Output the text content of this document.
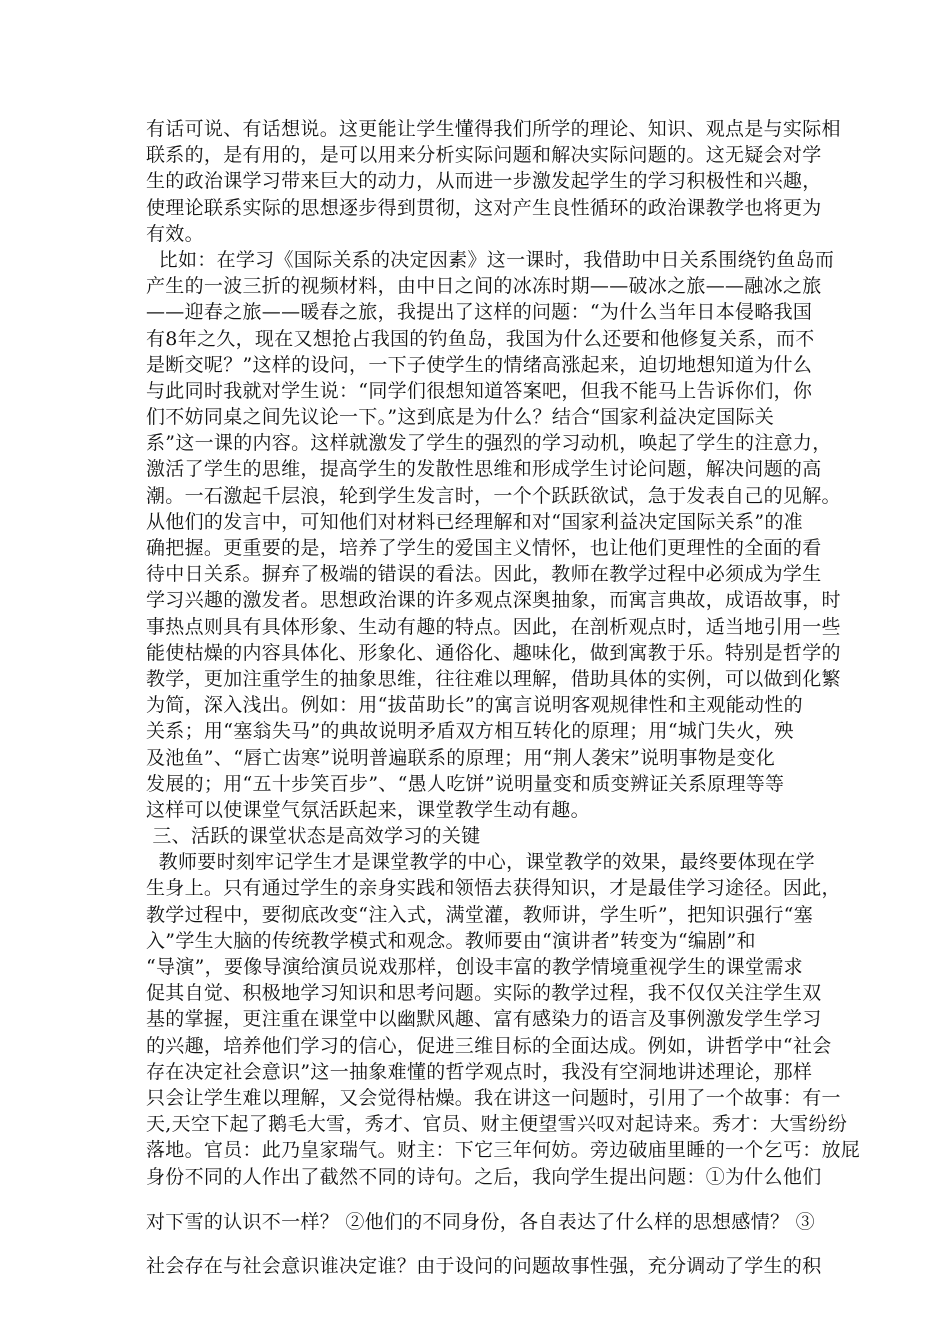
有话可说、有话想说。这更能让学生懂得我们所学的理论、知识、观点是与实际相
联系的，是有用的，是可以用来分析实际问题和解决实际问题的。这无疑会对学
生的政治课学习带来巨大的动力，从而进一步激发起学生的学习积极性和兴趣，
使理论联系实际的思想逐步得到贯彻，这对产生良性循环的政治课教学也将更为
有效。
比如：在学习《国际关系的决定因素》这一课时，我借助中日关系围绕钓鱼岛而
产生的一波三折的视频材料，由中日之间的冰冻时期——破冰之旅——融冰之旅
——迎春之旅——暖春之旅，我提出了这样的问题：“为什么当年日本侵略我国
有8年之久，现在又想抢占我国的钓鱼岛，我国为什么还要和他修复关系，而不
是断交呢？”这样的设问，一下子使学生的情绪高涨起来，迫切地想知道为什么
与此同时我就对学生说：“同学们很想知道答案吧，但我不能马上告诉你们，你
们不妨同桌之间先议论一下。”这到底是为什么？结合“国家利益决定国际关
系”这一课的内容。这样就激发了学生的强烈的学习动机，唤起了学生的注意力，
激活了学生的思维，提高学生的发散性思维和形成学生讨论问题，解决问题的高
潮。一石激起千层浪，轮到学生发言时，一个个跃跃欲试，急于发表自己的见解。
从他们的发言中，可知他们对材料已经理解和对“国家利益决定国际关系”的准
确把握。更重要的是，培养了学生的爱国主义情怀，也让他们更理性的全面的看
待中日关系。摒弃了极端的错误的看法。因此，教师在教学过程中必须成为学生
学习兴趣的激发者。思想政治课的许多观点深奥抽象，而寓言典故，成语故事，时
事热点则具有具体形象、生动有趣的特点。因此，在剖析观点时，适当地引用一些
能使枯燥的内容具体化、形象化、通俗化、趣味化，做到寓教于乐。特别是哲学的
教学，更加注重学生的抽象思维，往往难以理解，借助具体的实例，可以做到化繁
为简，深入浅出。例如：用“拔苗助长”的寓言说明客观规律性和主观能动性的
关系；用“塞翁失马”的典故说明矛盾双方相互转化的原理；用“城门失火，殃
及池鱼”、“唇亡齿寒”说明普遍联系的原理；用“荆人袭宋”说明事物是变化
发展的；用“五十步笑百步”、“愚人吃饼”说明量变和质变辨证关系原理等等
这样可以使课堂气氛活跃起来，课堂教学生动有趣。
三、活跃的课堂状态是高效学习的关键
教师要时刻牢记学生才是课堂教学的中心，课堂教学的效果，最终要体现在学
生身上。只有通过学生的亲身实践和领悟去获得知识，才是最佳学习途径。因此，
教学过程中，要彻底改变“注入式，满堂灌，教师讲，学生听”，把知识强行“塞
入”学生大脑的传统教学模式和观念。教师要由“演讲者”转变为“编剧”和
“导演”，要像导演给演员说戏那样，创设丰富的教学情境重视学生的课堂需求
促其自觉、积极地学习知识和思考问题。实际的教学过程，我不仅仅关注学生双
基的掌握，更注重在课堂中以幽默风趣、富有感染力的语言及事例激发学生学习
的兴趣，培养他们学习的信心，促进三维目标的全面达成。例如，讲哲学中“社会
存在决定社会意识”这一抽象难懂的哲学观点时，我没有空洞地讲述理论，那样
只会让学生难以理解，又会觉得枯燥。我在讲这一问题时，引用了一个故事：有一
天,天空下起了鹅毛大雪，秀才、官员、财主便望雪兴叹对起诗来。秀才：大雪纷纷
落地。官员：此乃皇家瑞气。财主：下它三年何妨。旁边破庙里睡的一个乞丐：放屁
身份不同的人作出了截然不同的诗句。之后，我向学生提出问题：①为什么他们
对下雪的认识不一样？ ②他们的不同身份，各自表达了什么样的思想感情？ ③
社会存在与社会意识谁决定谁？由于设问的问题故事性强，充分调动了学生的积
